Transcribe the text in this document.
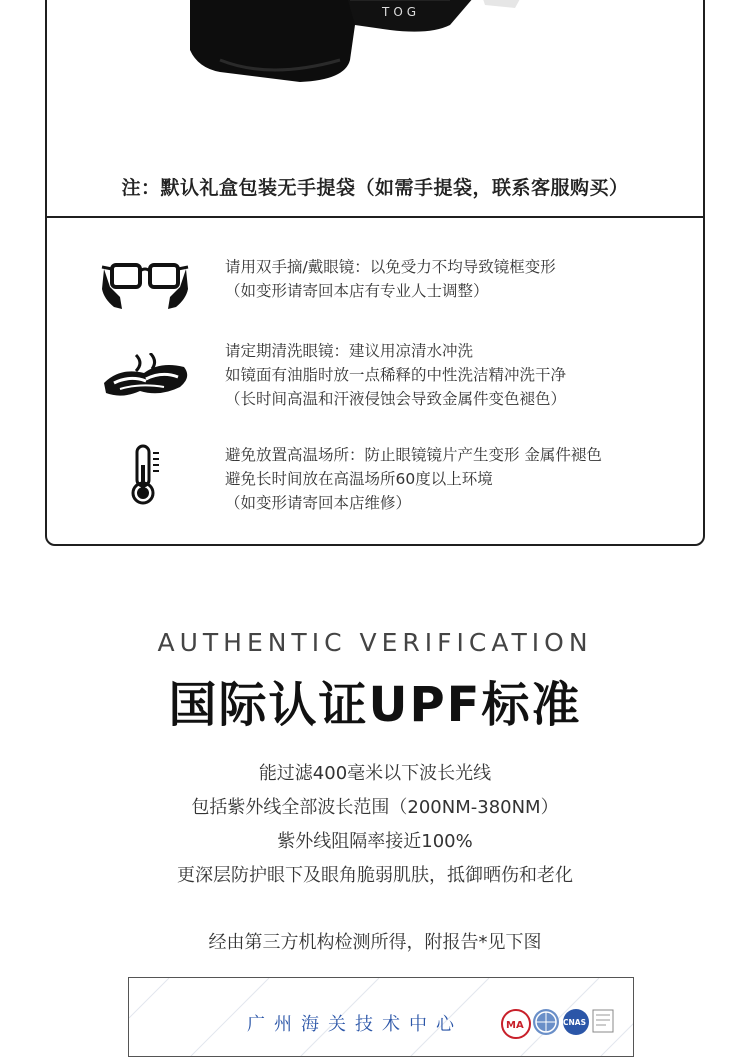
TOG
注：默认礼盒包装无手提袋（如需手提袋，联系客服购买）
请用双手摘/戴眼镜：以免受力不均导致镜框变形
（如变形请寄回本店有专业人士调整）
请定期清洗眼镜：建议用凉清水冲洗
如镜面有油脂时放一点稀释的中性洗洁精冲洗干净
（长时间高温和汗液侵蚀会导致金属件变色褪色）
避免放置高温场所：防止眼镜镜片产生变形 金属件褪色
避免长时间放在高温场所60度以上环境
（如变形请寄回本店维修）
AUTHENTIC VERIFICATION
国际认证UPF标准
能过滤400毫米以下波长光线
包括紫外线全部波长范围（200NM-380NM）
紫外线阻隔率接近100%
更深层防护眼下及眼角脆弱肌肤，抵御晒伤和老化
经由第三方机构检测所得，附报告*见下图
广州海关技术中心	MA	CNAS
